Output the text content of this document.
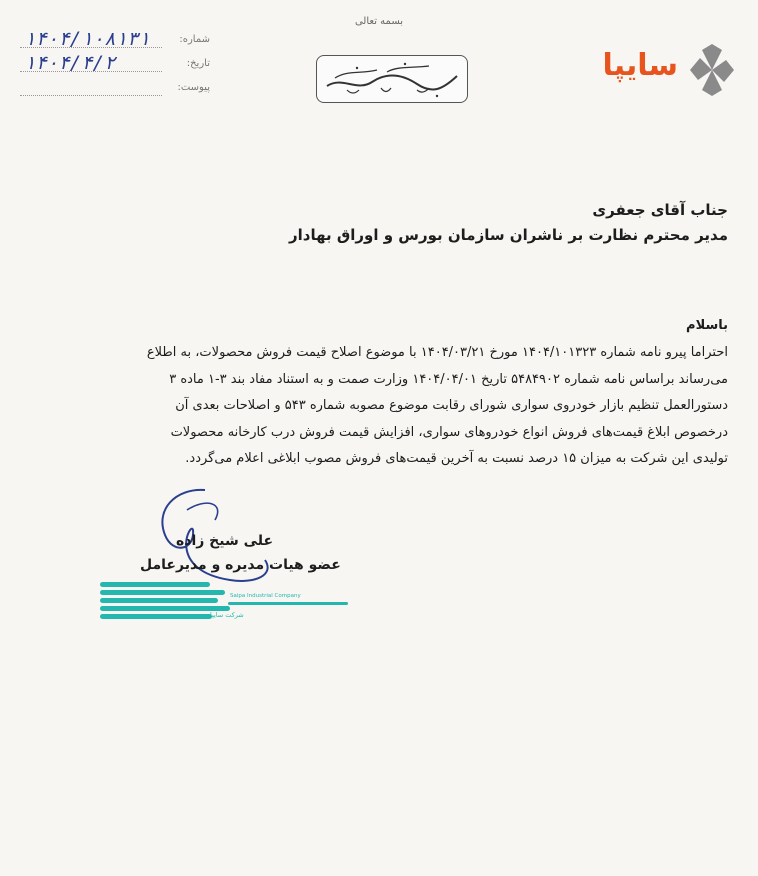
بسمه تعالی
سایپا
شماره:
۱۴۰۴/۱۰۸۱۳۱
تاریخ:
۱۴۰۴/۴/۲
پیوست:
جناب آقای جعفری
مدیر محترم نظارت بر ناشران سازمان بورس و اوراق بهادار
باسلام
احتراما پیرو نامه شماره ۱۴۰۴/۱۰۱۳۲۳ مورخ ۱۴۰۴/۰۳/۲۱ با موضوع اصلاح قیمت فروش محصولات، به اطلاع
می‌رساند براساس نامه شماره ۵۴۸۴۹۰۲ تاریخ ۱۴۰۴/۰۴/۰۱ وزارت صمت و به استناد مفاد بند ۳-۱ ماده ۳
دستورالعمل تنظیم بازار خودروی سواری شورای رقابت موضوع مصوبه شماره ۵۴۳ و اصلاحات بعدی آن
درخصوص ابلاغ قیمت‌های فروش انواع خودروهای سواری، افزایش قیمت فروش درب کارخانه محصولات
تولیدی این شرکت به میزان ۱۵ درصد نسبت به آخرین قیمت‌های فروش مصوب ابلاغی اعلام می‌گردد.
علی شیخ زاده
عضو هیات مدیره و مدیرعامل
Saipa Industrial Company
شرکت سایپا
